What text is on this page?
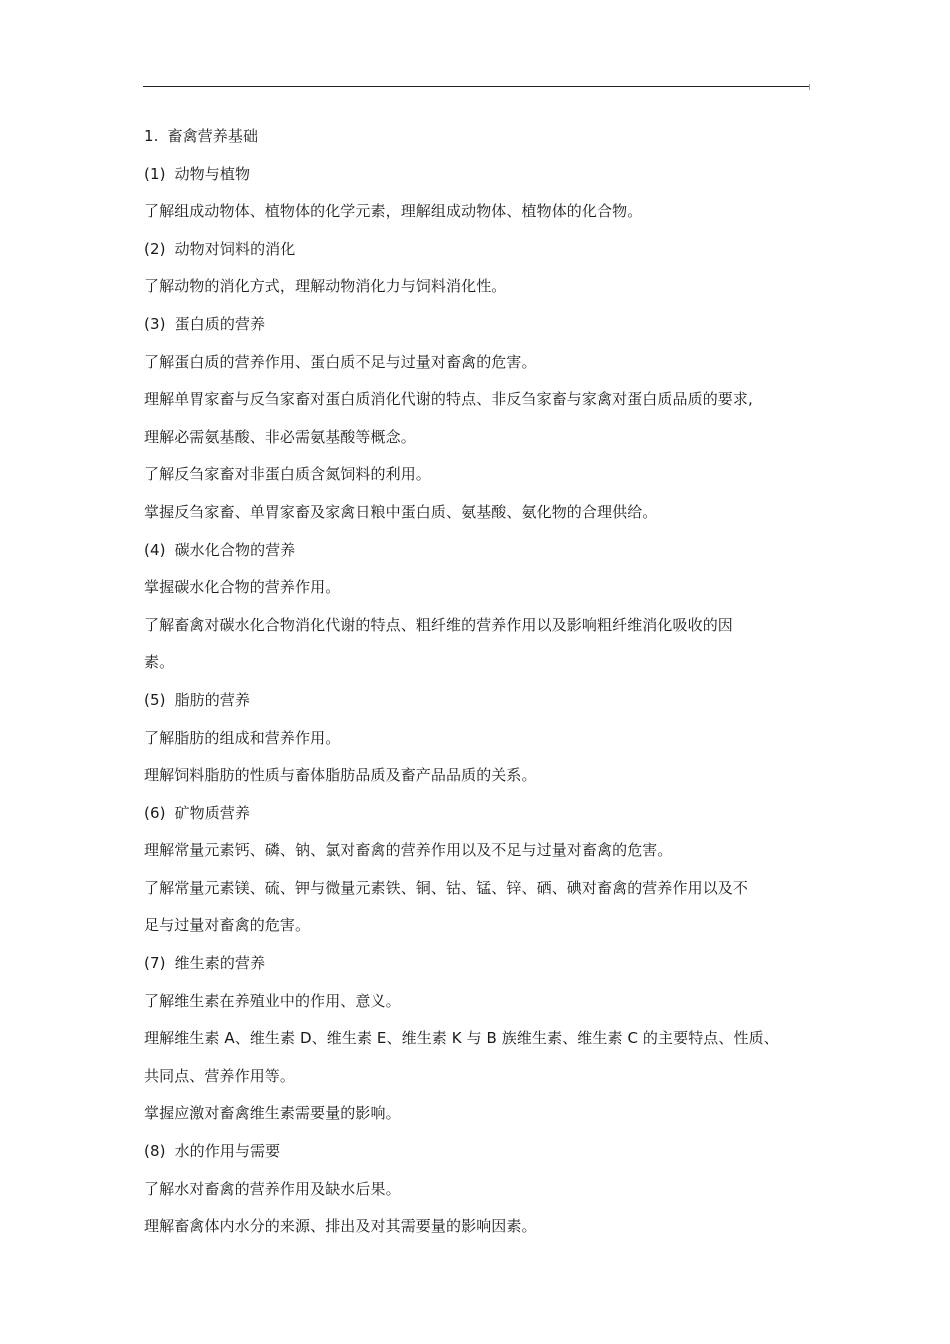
1. 畜禽营养基础
(1) 动物与植物
了解组成动物体、植物体的化学元素，理解组成动物体、植物体的化合物。
(2) 动物对饲料的消化
了解动物的消化方式，理解动物消化力与饲料消化性。
(3) 蛋白质的营养
了解蛋白质的营养作用、蛋白质不足与过量对畜禽的危害。
理解单胃家畜与反刍家畜对蛋白质消化代谢的特点、非反刍家畜与家禽对蛋白质品质的要求,
理解必需氨基酸、非必需氨基酸等概念。
了解反刍家畜对非蛋白质含氮饲料的利用。
掌握反刍家畜、单胃家畜及家禽日粮中蛋白质、氨基酸、氨化物的合理供给。
(4) 碳水化合物的营养
掌握碳水化合物的营养作用。
了解畜禽对碳水化合物消化代谢的特点、粗纤维的营养作用以及影响粗纤维消化吸收的因
素。
(5) 脂肪的营养
了解脂肪的组成和营养作用。
理解饲料脂肪的性质与畜体脂肪品质及畜产品品质的关系。
(6) 矿物质营养
理解常量元素钙、磷、钠、氯对畜禽的营养作用以及不足与过量对畜禽的危害。
了解常量元素镁、硫、钾与微量元素铁、铜、钴、锰、锌、硒、碘对畜禽的营养作用以及不
足与过量对畜禽的危害。
(7) 维生素的营养
了解维生素在养殖业中的作用、意义。
理解维生素 A、维生素 D、维生素 E、维生素 K 与 B 族维生素、维生素 C 的主要特点、性质、
共同点、营养作用等。
掌握应激对畜禽维生素需要量的影响。
(8) 水的作用与需要
了解水对畜禽的营养作用及缺水后果。
理解畜禽体内水分的来源、排出及对其需要量的影响因素。
